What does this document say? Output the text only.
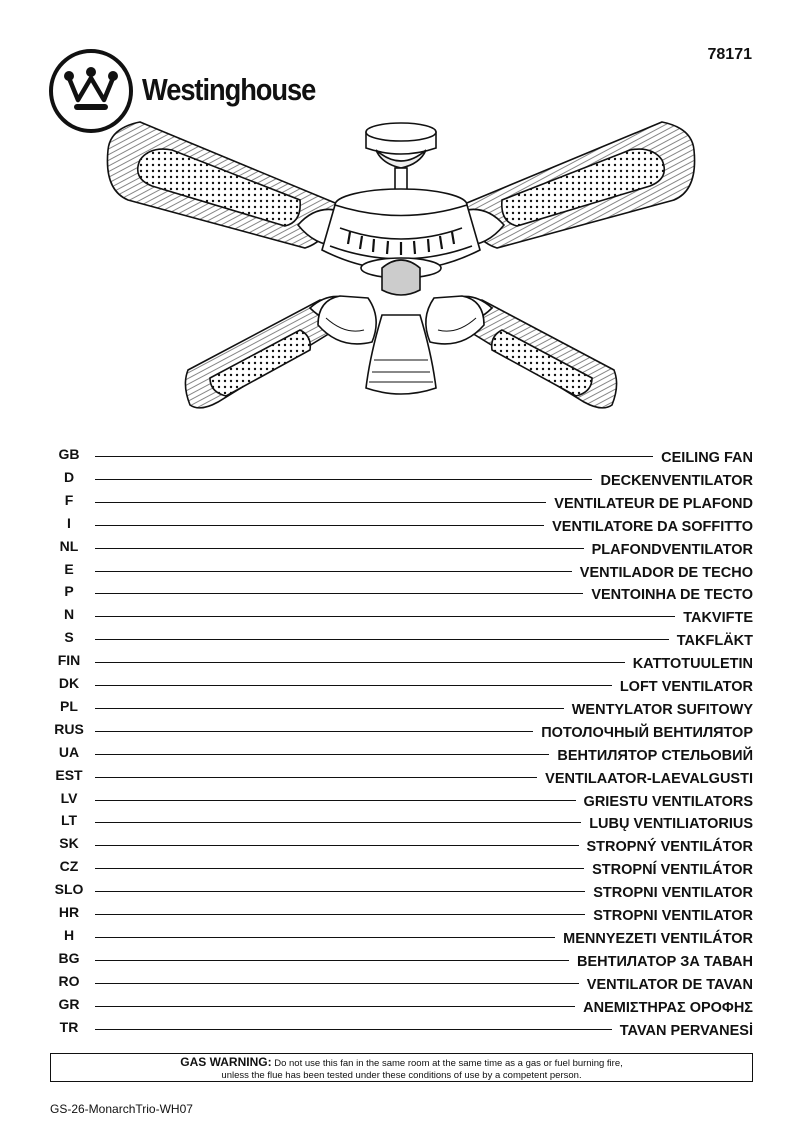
78171
Westinghouse
GB	CEILING FAN
D	DECKENVENTILATOR
F	VENTILATEUR DE PLAFOND
I	VENTILATORE DA SOFFITTO
NL	PLAFONDVENTILATOR
E	VENTILADOR DE TECHO
P	VENTOINHA DE TECTO
N	TAKVIFTE
S	TAKFLÄKT
FIN	KATTOTUULETIN
DK	LOFT VENTILATOR
PL	WENTYLATOR SUFITOWY
RUS	ПОТОЛОЧНЫЙ ВЕНТИЛЯТОР
UA	ВЕНТИЛЯТОР СТЕЛЬОВИЙ
EST	VENTILAATOR-LAEVALGUSTI
LV	GRIESTU VENTILATORS
LT	LUBŲ VENTILIATORIUS
SK	STROPNÝ VENTILÁTOR
CZ	STROPNÍ VENTILÁTOR
SLO	STROPNI VENTILATOR
HR	STROPNI VENTILATOR
H	MENNYEZETI VENTILÁTOR
BG	ВЕНТИЛАТОР ЗА ТАВАН
RO	VENTILATOR DE TAVAN
GR	ΑΝΕΜΙΣΤΗΡΑΣ ΟΡΟΦΗΣ
TR	TAVAN PERVANESİ
GAS WARNING: Do not use this fan in the same room at the same time as a gas or fuel burning fire,
unless the flue has been tested under these conditions of use by a competent person.
GS-26-MonarchTrio-WH07
